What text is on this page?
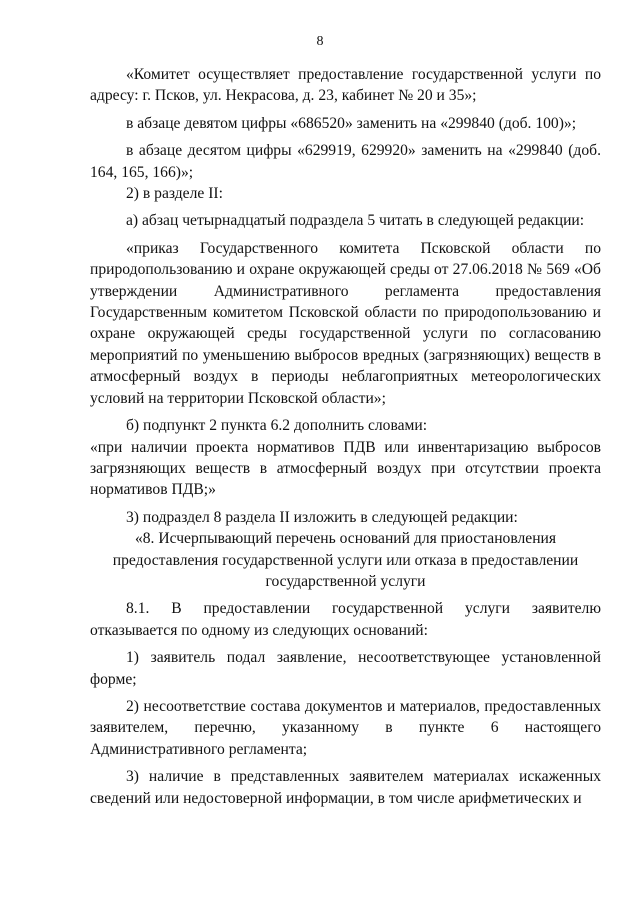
8

«Комитет осуществляет предоставление государственной услуги по адресу: г. Псков, ул. Некрасова, д. 23, кабинет № 20 и 35»;

в абзаце девятом цифры «686520» заменить на «299840 (доб. 100)»;

в абзаце десятом цифры «629919, 629920» заменить на «299840 (доб. 164, 165, 166)»;

2) в разделе II:

а) абзац четырнадцатый подраздела 5 читать в следующей редакции:

«приказ Государственного комитета Псковской области по природопользованию и охране окружающей среды от 27.06.2018 № 569 «Об утверждении Административного регламента предоставления Государственным комитетом Псковской области по природопользованию и охране окружающей среды государственной услуги по согласованию мероприятий по уменьшению выбросов вредных (загрязняющих) веществ в атмосферный воздух в периоды неблагоприятных метеорологических условий на территории Псковской области»;

б) подпункт 2 пункта 6.2 дополнить словами:

«при наличии проекта нормативов ПДВ или инвентаризацию выбросов загрязняющих веществ в атмосферный воздух при отсутствии проекта нормативов ПДВ;»

3) подраздел 8 раздела II изложить в следующей редакции:

«8. Исчерпывающий перечень оснований для приостановления предоставления государственной услуги или отказа в предоставлении государственной услуги

8.1. В предоставлении государственной услуги заявителю отказывается по одному из следующих оснований:

1) заявитель подал заявление, несоответствующее установленной форме;

2) несоответствие состава документов и материалов, предоставленных заявителем, перечню, указанному в пункте 6 настоящего Административного регламента;

3) наличие в представленных заявителем материалах искаженных сведений или недостоверной информации, в том числе арифметических и
